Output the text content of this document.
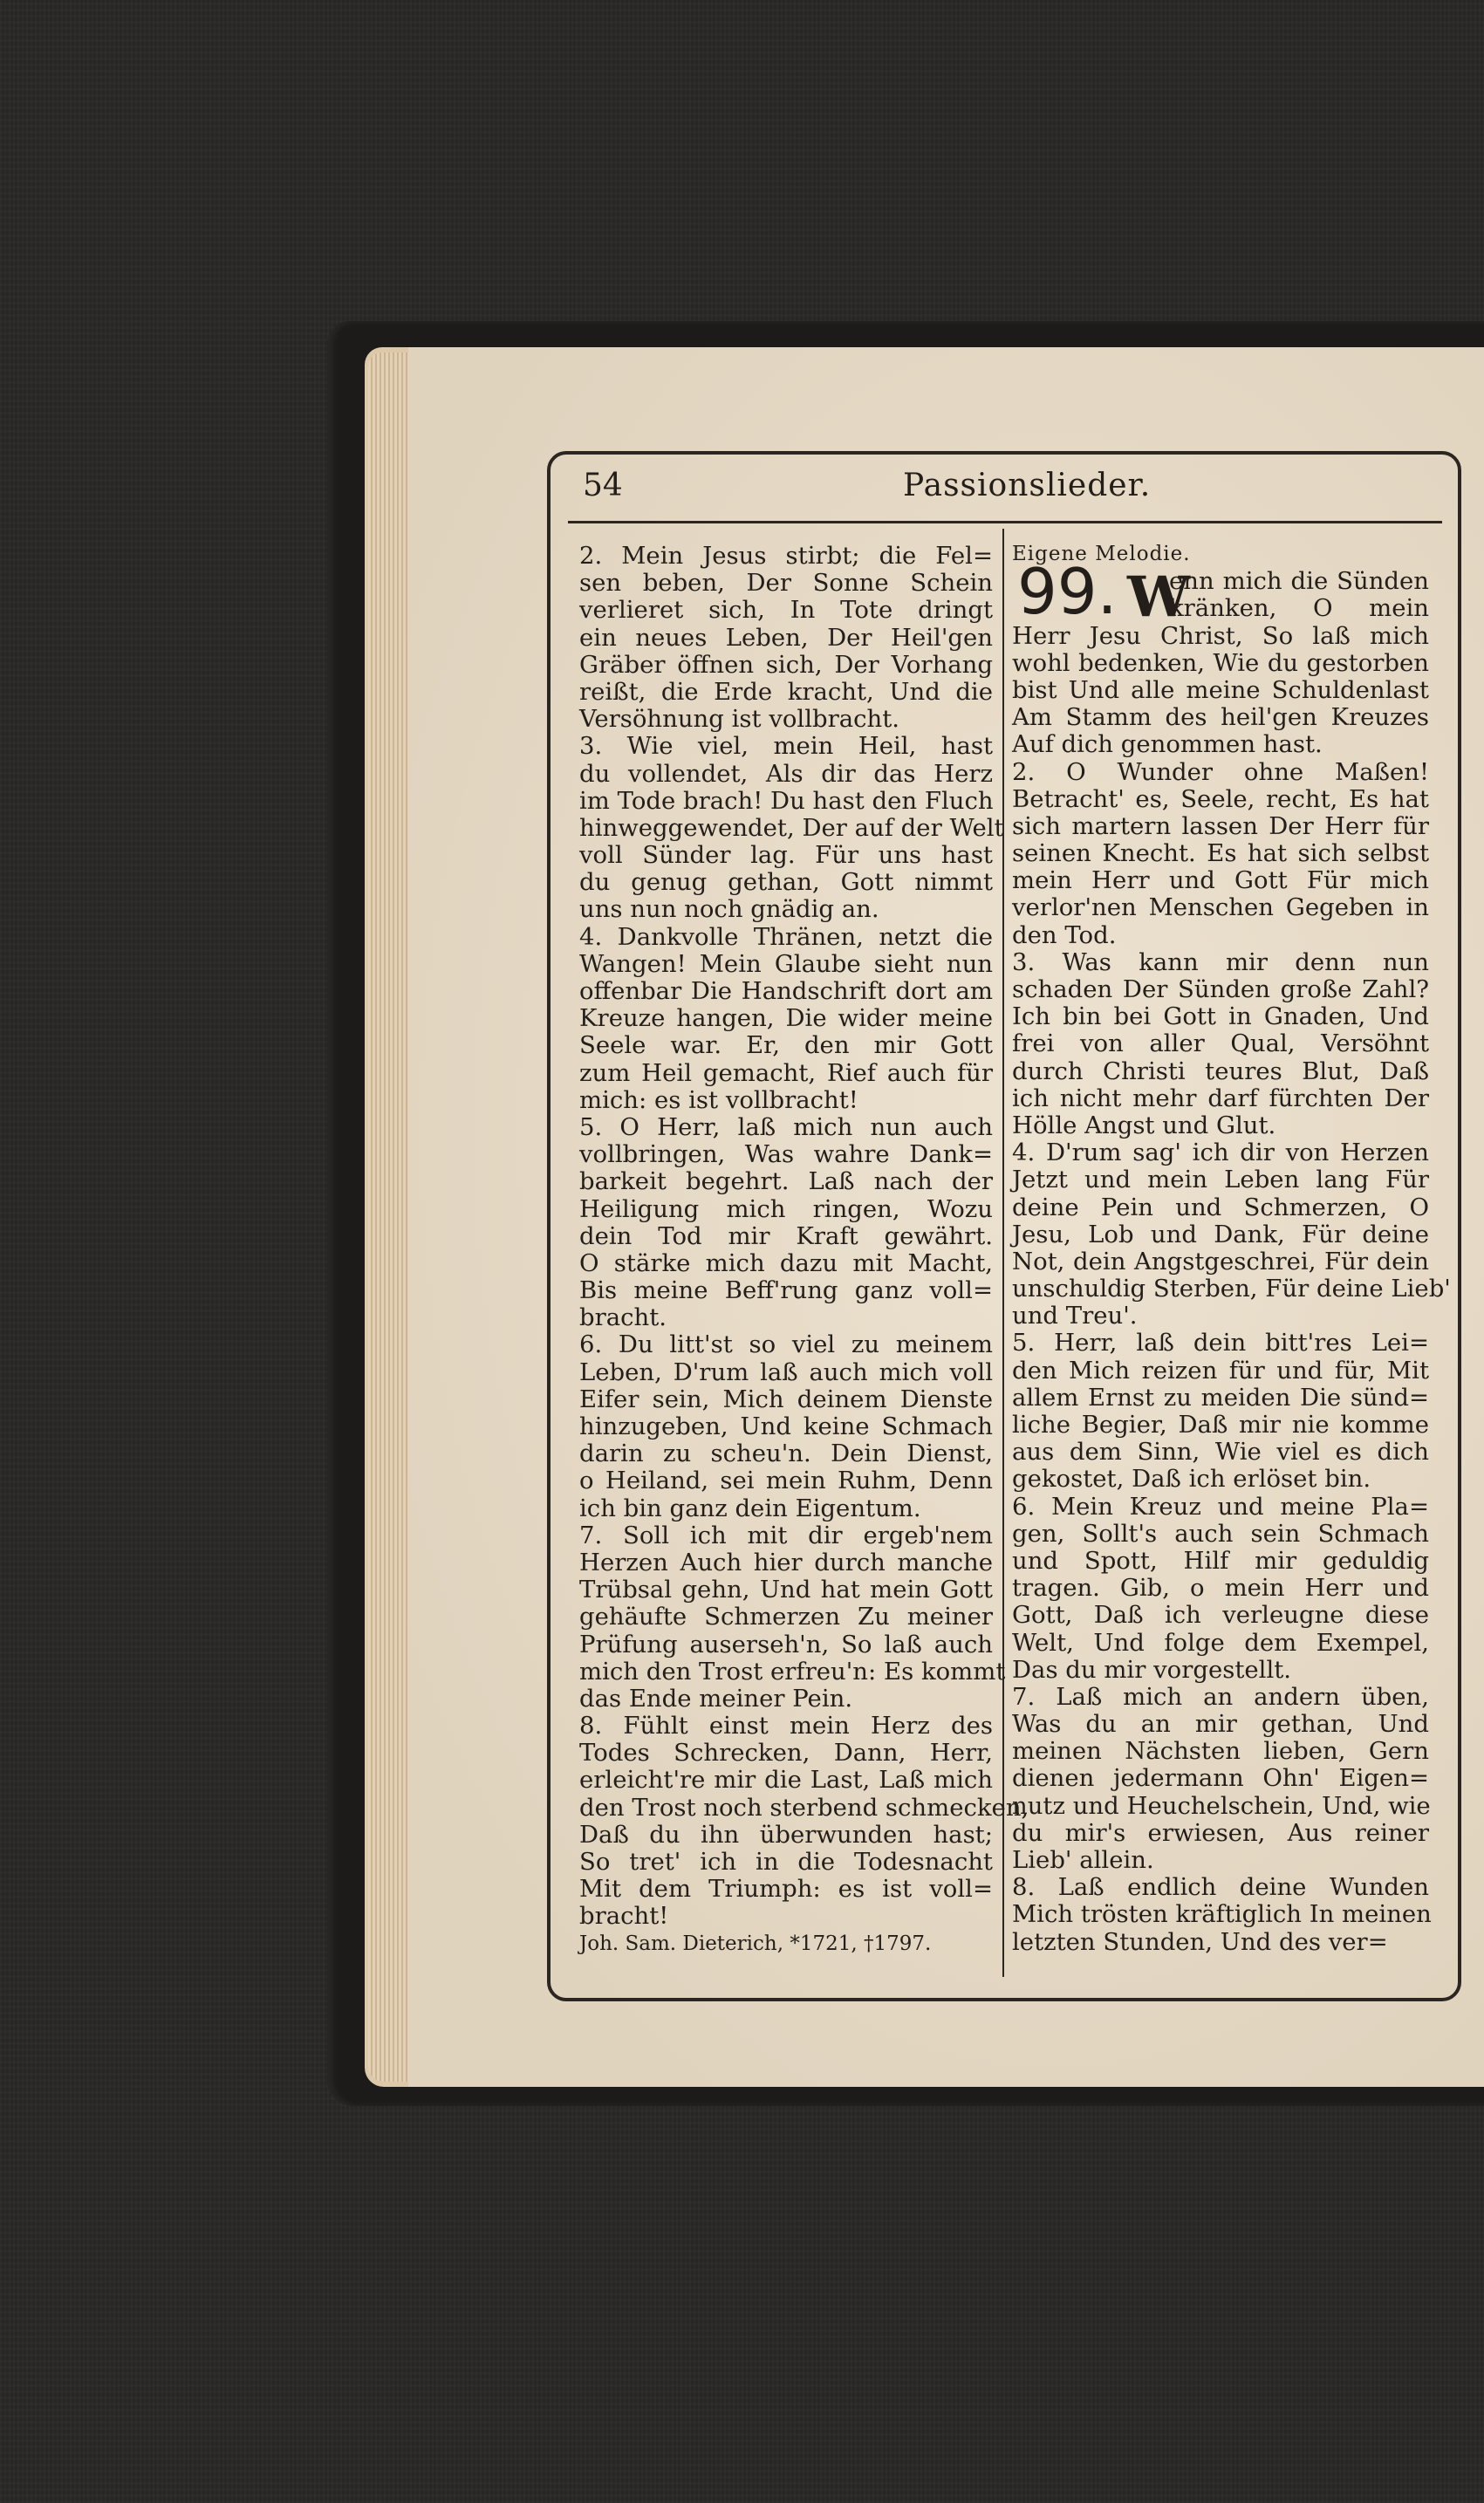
54	Passionslieder.
2. Mein Jesus stirbt; die Fel=
sen beben, Der Sonne Schein
verlieret sich, In Tote dringt
ein neues Leben, Der Heil'gen
Gräber öffnen sich, Der Vorhang
reißt, die Erde kracht, Und die
Versöhnung ist vollbracht.
3. Wie viel, mein Heil, hast
du vollendet, Als dir das Herz
im Tode brach! Du hast den Fluch
hinweggewendet, Der auf der Welt
voll Sünder lag. Für uns hast
du genug gethan, Gott nimmt
uns nun noch gnädig an.
4. Dankvolle Thränen, netzt die
Wangen! Mein Glaube sieht nun
offenbar Die Handschrift dort am
Kreuze hangen, Die wider meine
Seele war. Er, den mir Gott
zum Heil gemacht, Rief auch für
mich: es ist vollbracht!
5. O Herr, laß mich nun auch
vollbringen, Was wahre Dank=
barkeit begehrt. Laß nach der
Heiligung mich ringen, Wozu
dein Tod mir Kraft gewährt.
O stärke mich dazu mit Macht,
Bis meine Beff'rung ganz voll=
bracht.
6. Du litt'st so viel zu meinem
Leben, D'rum laß auch mich voll
Eifer sein, Mich deinem Dienste
hinzugeben, Und keine Schmach
darin zu scheu'n. Dein Dienst,
o Heiland, sei mein Ruhm, Denn
ich bin ganz dein Eigentum.
7. Soll ich mit dir ergeb'nem
Herzen Auch hier durch manche
Trübsal gehn, Und hat mein Gott
gehäufte Schmerzen Zu meiner
Prüfung auserseh'n, So laß auch
mich den Trost erfreu'n: Es kommt
das Ende meiner Pein.
8. Fühlt einst mein Herz des
Todes Schrecken, Dann, Herr,
erleicht're mir die Last, Laß mich
den Trost noch sterbend schmecken,
Daß du ihn überwunden hast;
So tret' ich in die Todesnacht
Mit dem Triumph: es ist voll=
bracht!
Joh. Sam. Dieterich, *1721, †1797.
Eigene Melodie.
enn mich die Sünden
kränken, O mein
Herr Jesu Christ, So laß mich
wohl bedenken, Wie du gestorben
bist Und alle meine Schuldenlast
Am Stamm des heil'gen Kreuzes
Auf dich genommen hast.
2. O Wunder ohne Maßen!
Betracht' es, Seele, recht, Es hat
sich martern lassen Der Herr für
seinen Knecht. Es hat sich selbst
mein Herr und Gott Für mich
verlor'nen Menschen Gegeben in
den Tod.
3. Was kann mir denn nun
schaden Der Sünden große Zahl?
Ich bin bei Gott in Gnaden, Und
frei von aller Qual, Versöhnt
durch Christi teures Blut, Daß
ich nicht mehr darf fürchten Der
Hölle Angst und Glut.
4. D'rum sag' ich dir von Herzen
Jetzt und mein Leben lang Für
deine Pein und Schmerzen, O
Jesu, Lob und Dank, Für deine
Not, dein Angstgeschrei, Für dein
unschuldig Sterben, Für deine Lieb'
und Treu'.
5. Herr, laß dein bitt'res Lei=
den Mich reizen für und für, Mit
allem Ernst zu meiden Die sünd=
liche Begier, Daß mir nie komme
aus dem Sinn, Wie viel es dich
gekostet, Daß ich erlöset bin.
6. Mein Kreuz und meine Pla=
gen, Sollt's auch sein Schmach
und Spott, Hilf mir geduldig
tragen. Gib, o mein Herr und
Gott, Daß ich verleugne diese
Welt, Und folge dem Exempel,
Das du mir vorgestellt.
7. Laß mich an andern üben,
Was du an mir gethan, Und
meinen Nächsten lieben, Gern
dienen jedermann Ohn' Eigen=
nutz und Heuchelschein, Und, wie
du mir's erwiesen, Aus reiner
Lieb' allein.
8. Laß endlich deine Wunden
Mich trösten kräftiglich In meinen
letzten Stunden, Und des ver=
99. W
